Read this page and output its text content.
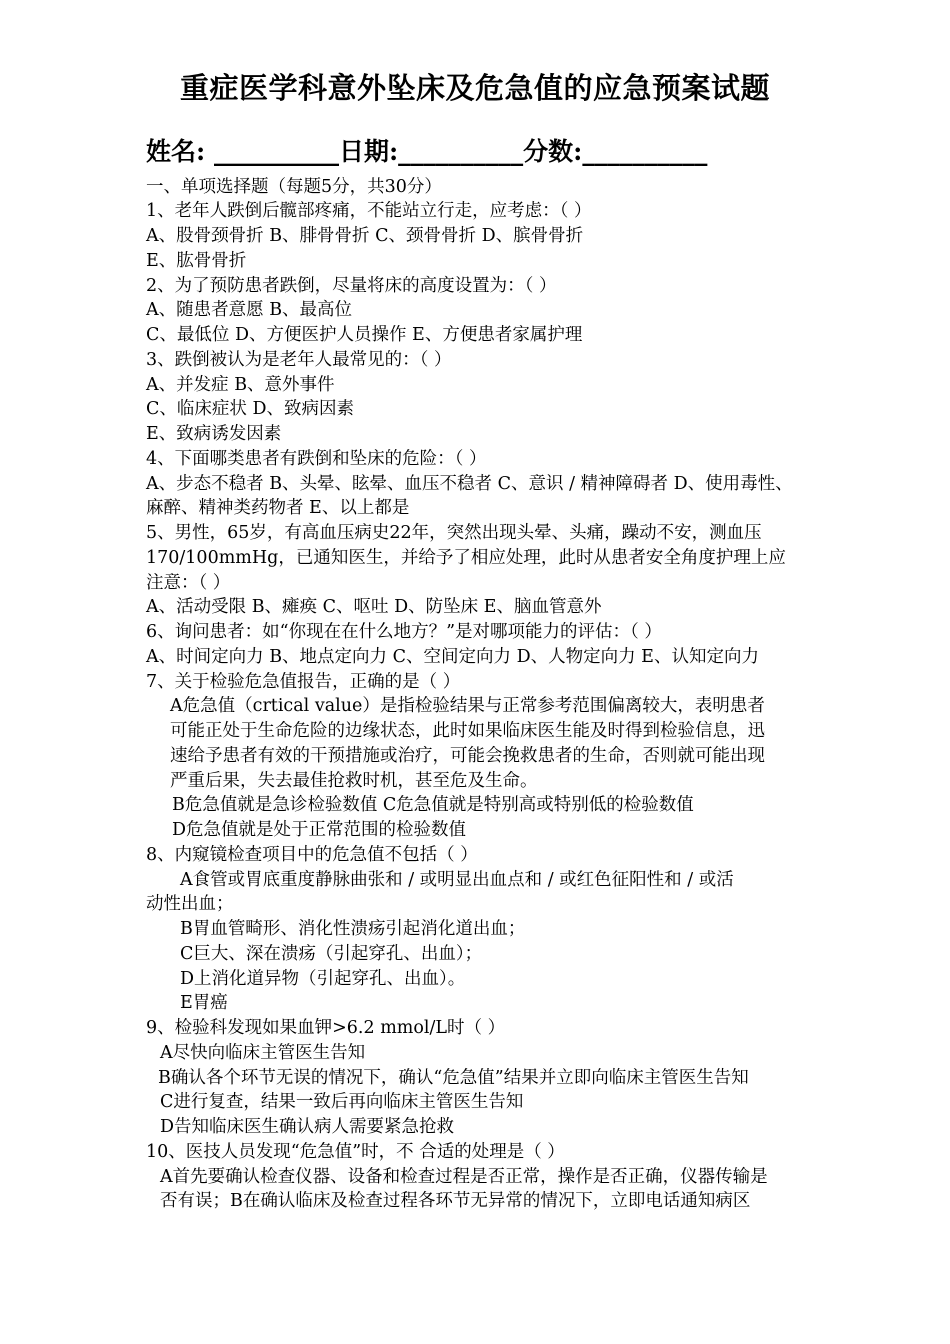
重症医学科意外坠床及危急值的应急预案试题
姓名: __________日期:__________分数:__________
一、单项选择题（每题5分，共30分）
1、老年人跌倒后髋部疼痛，不能站立行走，应考虑：（ ）
A、股骨颈骨折 B、腓骨骨折 C、颈骨骨折 D、膑骨骨折
E、肱骨骨折
2、为了预防患者跌倒，尽量将床的高度设置为：（ ）
A、随患者意愿 B、最高位
C、最低位 D、方便医护人员操作 E、方便患者家属护理
3、跌倒被认为是老年人最常见的：（ ）
A、并发症 B、意外事件
C、临床症状 D、致病因素
E、致病诱发因素
4、下面哪类患者有跌倒和坠床的危险：（ ）
A、步态不稳者 B、头晕、眩晕、血压不稳者 C、意识 / 精神障碍者 D、使用毒性、
麻醉、精神类药物者 E、以上都是
5、男性，65岁，有高血压病史22年，突然出现头晕、头痛，躁动不安，测血压
170/100mmHg，已通知医生，并给予了相应处理，此时从患者安全角度护理上应
注意：（ ）
A、活动受限 B、瘫痪 C、呕吐 D、防坠床 E、脑血管意外
6、询问患者：如“你现在在什么地方？”是对哪项能力的评估：（ ）
A、时间定向力 B、地点定向力 C、空间定向力 D、人物定向力 E、认知定向力
7、关于检验危急值报告，正确的是（ ）
A危急值（crtical value）是指检验结果与正常参考范围偏离较大，表明患者
可能正处于生命危险的边缘状态，此时如果临床医生能及时得到检验信息，迅
速给予患者有效的干预措施或治疗，可能会挽救患者的生命，否则就可能出现
严重后果，失去最佳抢救时机，甚至危及生命。
B危急值就是急诊检验数值 C危急值就是特别高或特别低的检验数值
D危急值就是处于正常范围的检验数值
8、内窥镜检查项目中的危急值不包括（ ）
A食管或胃底重度静脉曲张和 / 或明显出血点和 / 或红色征阳性和 / 或活
动性出血；
B胃血管畸形、消化性溃疡引起消化道出血；
C巨大、深在溃疡（引起穿孔、出血）；
D上消化道异物（引起穿孔、出血）。
E胃癌
9、检验科发现如果血钾>6.2 mmol/L时（ ）
A尽快向临床主管医生告知
B确认各个环节无误的情况下，确认“危急值”结果并立即向临床主管医生告知
C进行复查，结果一致后再向临床主管医生告知
D告知临床医生确认病人需要紧急抢救
10、医技人员发现“危急值”时，不 合适的处理是（ ）
A首先要确认检查仪器、设备和检查过程是否正常，操作是否正确，仪器传输是
否有误；B在确认临床及检查过程各环节无异常的情况下，立即电话通知病区
